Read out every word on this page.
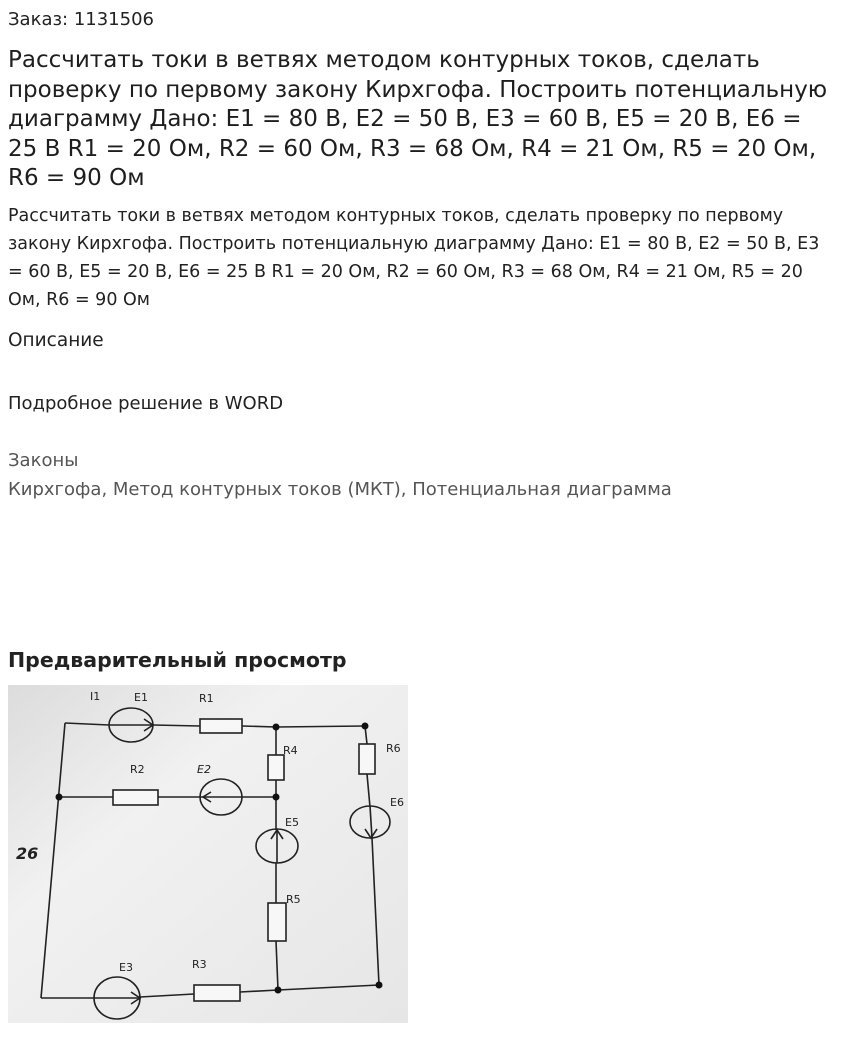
Заказ: 1131506
Рассчитать токи в ветвях методом контурных токов, сделать проверку по первому закону Кирхгофа. Построить потенциальную диаграмму Дано: E1 = 80 В, E2 = 50 В, E3 = 60 В, E5 = 20 В, E6 = 25 В R1 = 20 Ом, R2 = 60 Ом, R3 = 68 Ом, R4 = 21 Ом, R5 = 20 Ом, R6 = 90 Ом
Рассчитать токи в ветвях методом контурных токов, сделать проверку по первому закону Кирхгофа. Построить потенциальную диаграмму Дано: E1 = 80 В, E2 = 50 В, E3 = 60 В, E5 = 20 В, E6 = 25 В R1 = 20 Ом, R2 = 60 Ом, R3 = 68 Ом, R4 = 21 Ом, R5 = 20 Ом, R6 = 90 Ом
Описание
Подробное решение в WORD
Законы
Кирхгофа, Метод контурных токов (МКТ), Потенциальная диаграмма
Предварительный просмотр
I1	E1	R1
R2	E2
R4	R6
E5
E6
R5
E3	R3
26
